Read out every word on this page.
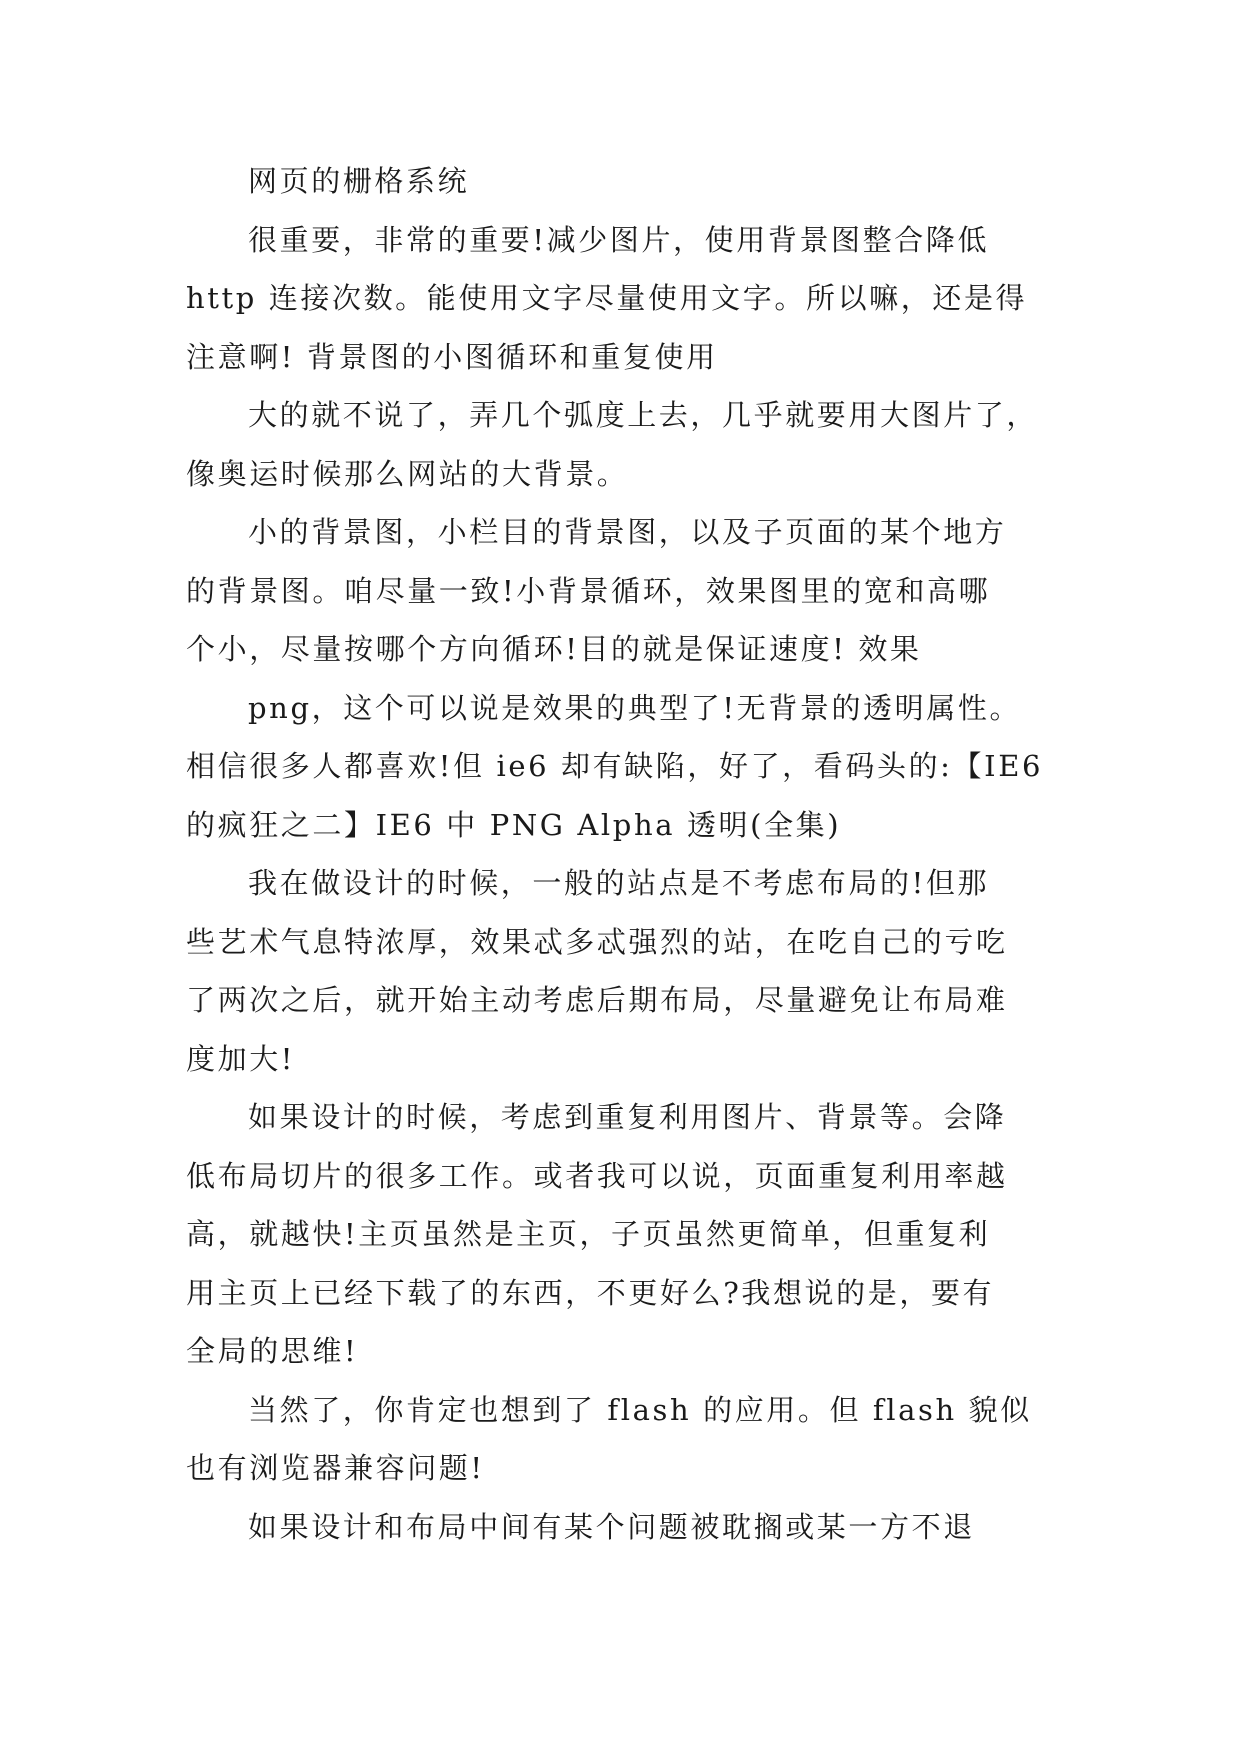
网页的栅格系统
很重要，非常的重要!减少图片，使用背景图整合降低
http 连接次数。能使用文字尽量使用文字。所以嘛，还是得
注意啊! 背景图的小图循环和重复使用
大的就不说了，弄几个弧度上去，几乎就要用大图片了，
像奥运时候那么网站的大背景。
小的背景图，小栏目的背景图，以及子页面的某个地方
的背景图。咱尽量一致!小背景循环，效果图里的宽和高哪
个小，尽量按哪个方向循环!目的就是保证速度! 效果
png，这个可以说是效果的典型了!无背景的透明属性。
相信很多人都喜欢!但 ie6 却有缺陷，好了，看码头的:【IE6
的疯狂之二】IE6 中 PNG Alpha 透明(全集)
我在做设计的时候，一般的站点是不考虑布局的!但那
些艺术气息特浓厚，效果忒多忒强烈的站，在吃自己的亏吃
了两次之后，就开始主动考虑后期布局，尽量避免让布局难
度加大!
如果设计的时候，考虑到重复利用图片、背景等。会降
低布局切片的很多工作。或者我可以说，页面重复利用率越
高，就越快!主页虽然是主页，子页虽然更简单，但重复利
用主页上已经下载了的东西，不更好么?我想说的是，要有
全局的思维!
当然了，你肯定也想到了 flash 的应用。但 flash 貌似
也有浏览器兼容问题!
如果设计和布局中间有某个问题被耽搁或某一方不退
